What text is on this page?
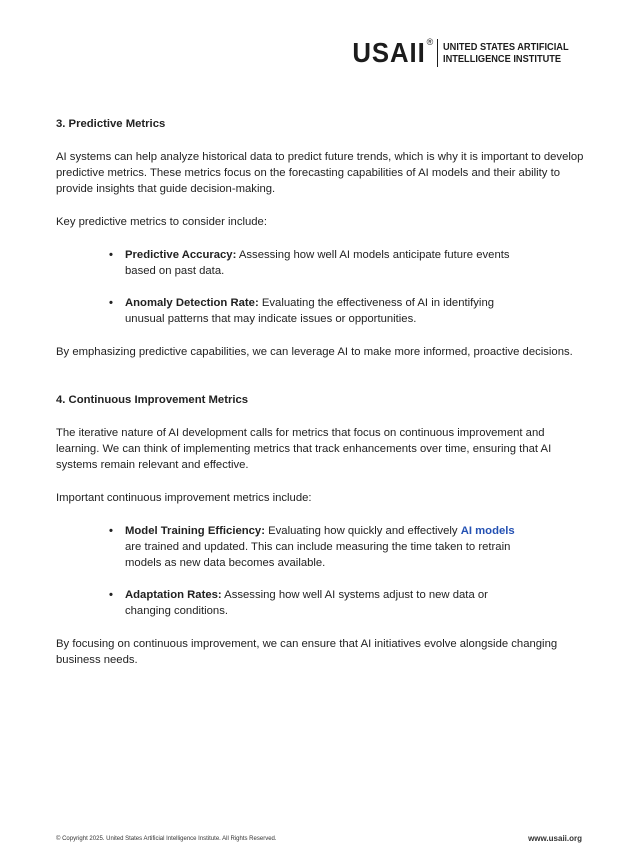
USAII ® UNITED STATES ARTIFICIAL
INTELLIGENCE INSTITUTE
3. Predictive Metrics

AI systems can help analyze historical data to predict future trends, which is why it is important to develop predictive metrics. These metrics focus on the forecasting capabilities of AI models and their ability to provide insights that guide decision-making.

Key predictive metrics to consider include:

• Predictive Accuracy: Assessing how well AI models anticipate future events based on past data.
• Anomaly Detection Rate: Evaluating the effectiveness of AI in identifying unusual patterns that may indicate issues or opportunities.

By emphasizing predictive capabilities, we can leverage AI to make more informed, proactive decisions.

4. Continuous Improvement Metrics

The iterative nature of AI development calls for metrics that focus on continuous improvement and learning. We can think of implementing metrics that track enhancements over time, ensuring that AI systems remain relevant and effective.

Important continuous improvement metrics include:

• Model Training Efficiency: Evaluating how quickly and effectively AI models are trained and updated. This can include measuring the time taken to retrain models as new data becomes available.
• Adaptation Rates: Assessing how well AI systems adjust to new data or changing conditions.

By focusing on continuous improvement, we can ensure that AI initiatives evolve alongside changing business needs.

© Copyright 2025. United States Artificial Intelligence Institute. All Rights Reserved.	www.usaii.org
